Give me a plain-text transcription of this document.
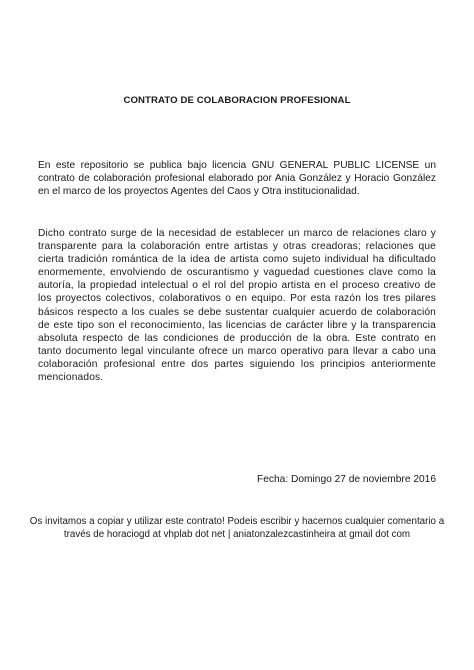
CONTRATO DE COLABORACION PROFESIONAL

En este repositorio se publica bajo licencia GNU GENERAL PUBLIC LICENSE un contrato de colaboración profesional elaborado por Ania González y Horacio González en el marco de los proyectos Agentes del Caos y Otra institucionalidad.

Dicho contrato surge de la necesidad de establecer un marco de relaciones claro y transparente para la colaboración entre artistas y otras creadoras; relaciones que cierta tradición romántica de la idea de artista como sujeto individual ha dificultado enormemente, envolviendo de oscurantismo y vaguedad cuestiones clave como la autoría, la propiedad intelectual o el rol del propio artista en el proceso creativo de los proyectos colectivos, colaborativos o en equipo. Por esta razón los tres pilares básicos respecto a los cuales se debe sustentar cualquier acuerdo de colaboración de este tipo son el reconocimiento, las licencias de carácter libre y la transparencia absoluta respecto de las condiciones de producción de la obra. Este contrato en tanto documento legal vinculante ofrece un marco operativo para llevar a cabo una colaboración profesional entre dos partes siguiendo los principios anteriormente mencionados.

Fecha: Domingo 27 de noviembre 2016

Os invitamos a copiar y utilizar este contrato! Podeis escribir y hacernos cualquier comentario a través de horaciogd at vhplab dot net | aniatonzalezcastinheira at gmail dot com
